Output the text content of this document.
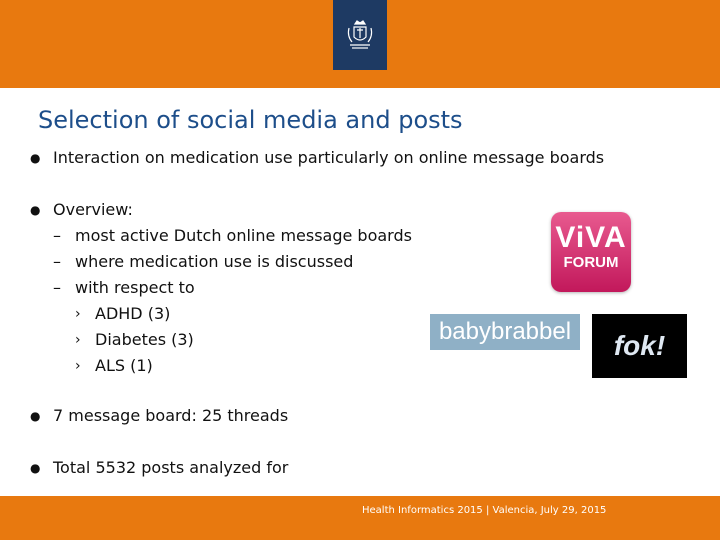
Selection of social media and posts
● Interaction on medication use particularly on online message boards
● Overview:
– most active Dutch online message boards
– where medication use is discussed
– with respect to
› ADHD (3)
› Diabetes (3)
› ALS (1)
● 7 message board: 25 threads
● Total 5532 posts analyzed for
ViVA
FORUM
babybrabbel	fok!
Health Informatics 2015 | Valencia, July 29, 2015
